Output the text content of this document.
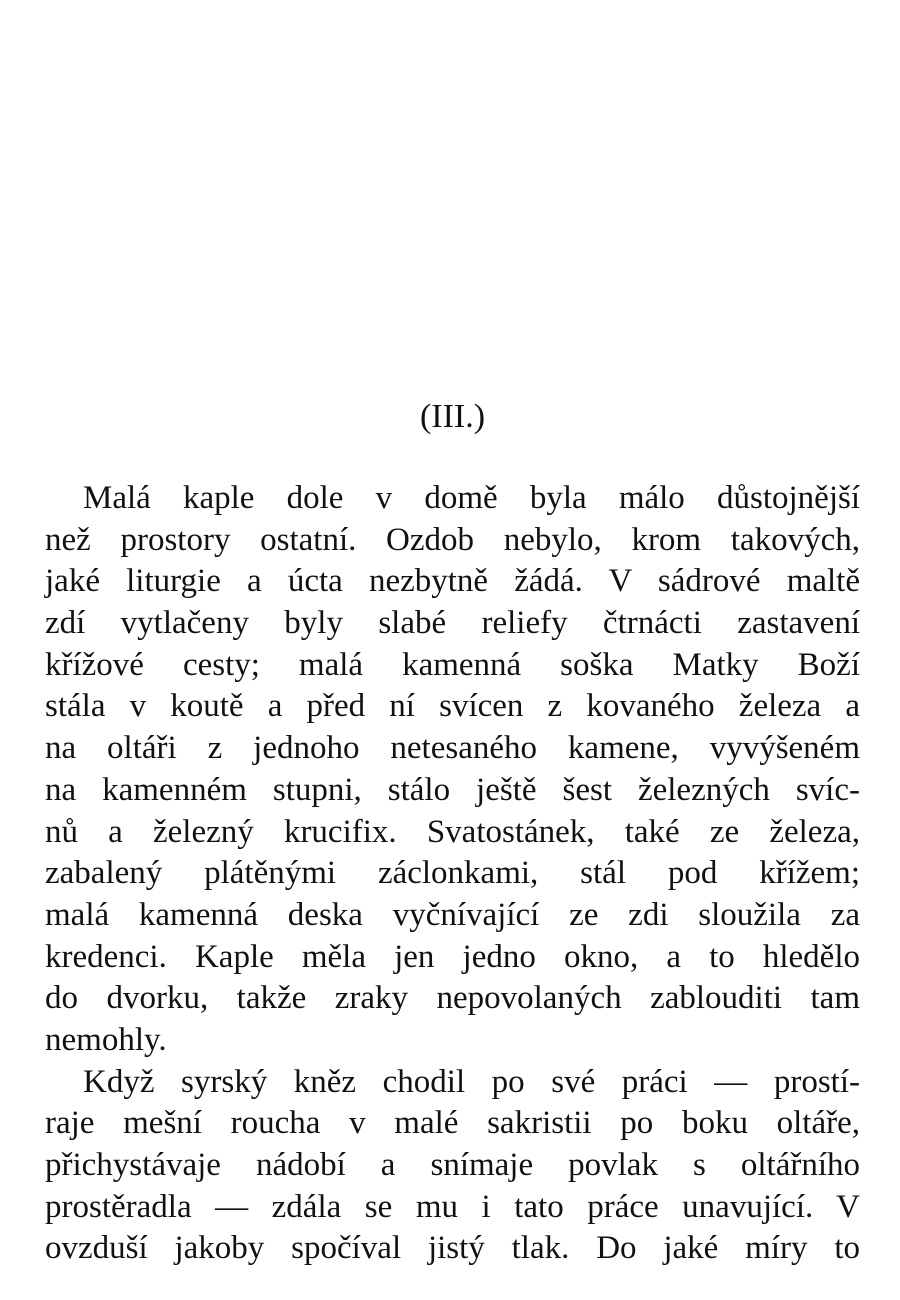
(III.)
Malá kaple dole v domě byla málo důstojnější
než prostory ostatní. Ozdob nebylo, krom takových,
jaké liturgie a úcta nezbytně žádá. V sádrové maltě
zdí vytlačeny byly slabé reliefy čtrnácti zastavení
křížové cesty; malá kamenná soška Matky Boží
stála v koutě a před ní svícen z kovaného železa a
na oltáři z jednoho netesaného kamene, vyvýšeném
na kamenném stupni, stálo ještě šest železných svíc-
nů a železný krucifix. Svatostánek, také ze železa,
zabalený plátěnými záclonkami, stál pod křížem;
malá kamenná deska vyčnívající ze zdi sloužila za
kredenci. Kaple měla jen jedno okno, a to hledělo
do dvorku, takže zraky nepovolaných zablouditi tam
nemohly.
Když syrský kněz chodil po své práci — prostí-
raje mešní roucha v malé sakristii po boku oltáře,
přichystávaje nádobí a snímaje povlak s oltářního
prostěradla — zdála se mu i tato práce unavující. V
ovzduší jakoby spočíval jistý tlak. Do jaké míry to
